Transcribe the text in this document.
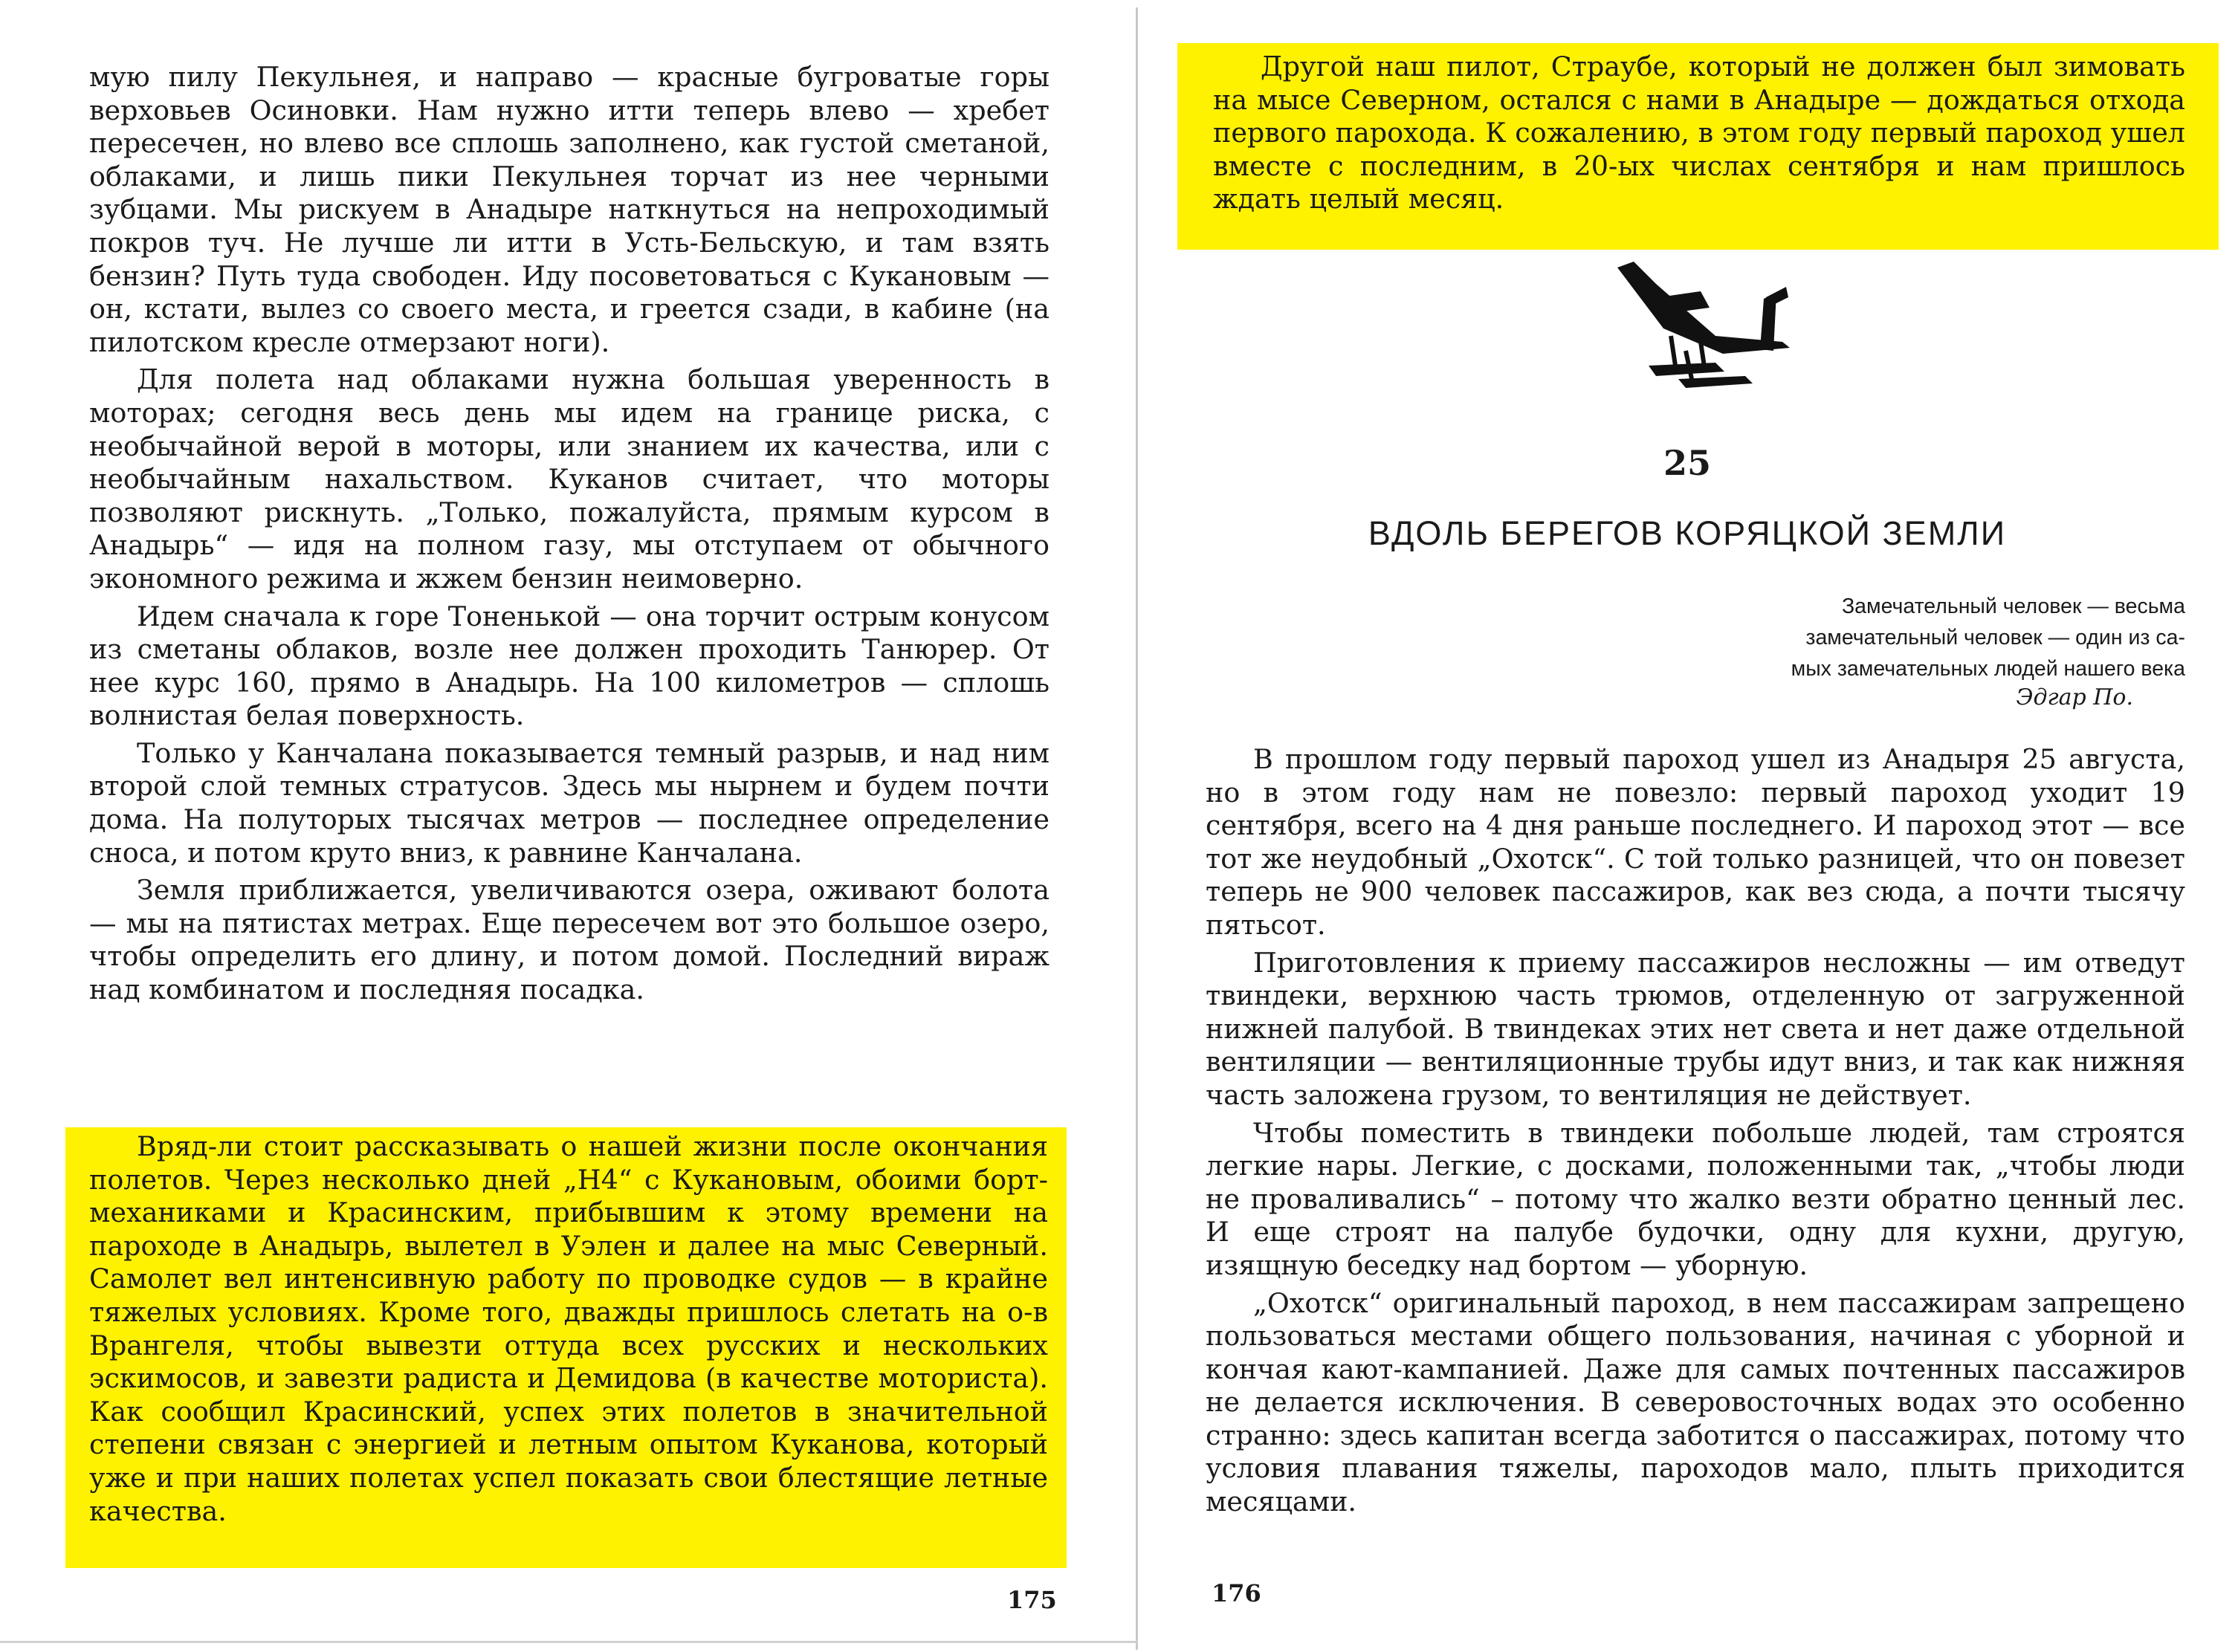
мую пилу Пекульнея, и направо — красные бугроватые горы верховьев Осиновки. Нам нужно итти теперь влево — хребет пересечен, но влево все сплошь заполнено, как густой сметаной, облаками, и лишь пики Пекульнея торчат из нее черными зубцами. Мы рискуем в Анадыре наткнуться на непроходимый покров туч. Не лучше ли итти в Усть-Бельскую, и там взять бензин? Путь туда свободен. Иду посоветоваться с Кукановым — он, кстати, вылез со своего места, и греется сзади, в кабине (на пилотском кресле отмерзают ноги).

Для полета над облаками нужна большая уверенность в моторах; сегодня весь день мы идем на границе риска, с необычайной верой в моторы, или знанием их качества, или с необычайным нахальством. Куканов считает, что моторы позволяют рискнуть. „Только, пожалуйста, прямым курсом в Анадырь“ — идя на полном газу, мы отступаем от обычного экономного режима и жжем бензин неимоверно.

Идем сначала к горе Тоненькой — она торчит острым конусом из сметаны облаков, возле нее должен проходить Танюрер. От нее курс 160, прямо в Анадырь. На 100 километров — сплошь волнистая белая поверхность.

Только у Канчалана показывается темный разрыв, и над ним второй слой темных стратусов. Здесь мы нырнем и будем почти дома. На полуторых тысячах метров — последнее определение сноса, и потом круто вниз, к равнине Канчалана.

Земля приближается, увеличиваются озера, оживают болота — мы на пятистах метрах. Еще пересечем вот это большое озеро, чтобы определить его длину, и потом домой. Последний вираж над комбинатом и последняя посадка.

Вряд-ли стоит рассказывать о нашей жизни после окончания полетов. Через несколько дней „Н4“ с Кукановым, обоими борт-механиками и Красинским, прибывшим к этому времени на пароходе в Анадырь, вылетел в Уэлен и далее на мыс Северный. Самолет вел интенсивную работу по проводке судов — в крайне тяжелых условиях. Кроме того, дважды пришлось слетать на о-в Врангеля, чтобы вывезти оттуда всех русских и нескольких эскимосов, и завезти радиста и Демидова (в качестве моториста). Как сообщил Красинский, успех этих полетов в значительной степени связан с энергией и летным опытом Куканова, который уже и при наших полетах успел показать свои блестящие летные качества.

175

Другой наш пилот, Страубе, который не должен был зимовать на мысе Северном, остался с нами в Анадыре — дождаться отхода первого парохода. К сожалению, в этом году первый пароход ушел вместе с последним, в 20-ых числах сентября и нам пришлось ждать целый месяц.

25
ВДОЛЬ БЕРЕГОВ КОРЯЦКОЙ ЗЕМЛИ
Замечательный человек — весьма
замечательный человек — один из са-
мых замечательных людей нашего века
Эдгар По.

В прошлом году первый пароход ушел из Анадыря 25 августа, но в этом году нам не повезло: первый пароход уходит 19 сентября, всего на 4 дня раньше последнего. И пароход этот — все тот же неудобный „Охотск“. С той только разницей, что он повезет теперь не 900 человек пассажиров, как вез сюда, а почти тысячу пятьсот.

Приготовления к приему пассажиров несложны — им отведут твиндеки, верхнюю часть трюмов, отделенную от загруженной нижней палубой. В твиндеках этих нет света и нет даже отдельной вентиляции — вентиляционные трубы идут вниз, и так как нижняя часть заложена грузом, то вентиляция не действует.

Чтобы поместить в твиндеки побольше людей, там строятся легкие нары. Легкие, с досками, положенными так, „чтобы люди не проваливались“ – потому что жалко везти обратно ценный лес. И еще строят на палубе будочки, одну для кухни, другую, изящную беседку над бортом — уборную.

„Охотск“ оригинальный пароход, в нем пассажирам запрещено пользоваться местами общего пользования, начиная с уборной и кончая кают-кампанией. Даже для самых почтенных пассажиров не делается исключения. В северовосточных водах это особенно странно: здесь капитан всегда заботится о пассажирах, потому что условия плавания тяжелы, пароходов мало, плыть приходится месяцами.

176
